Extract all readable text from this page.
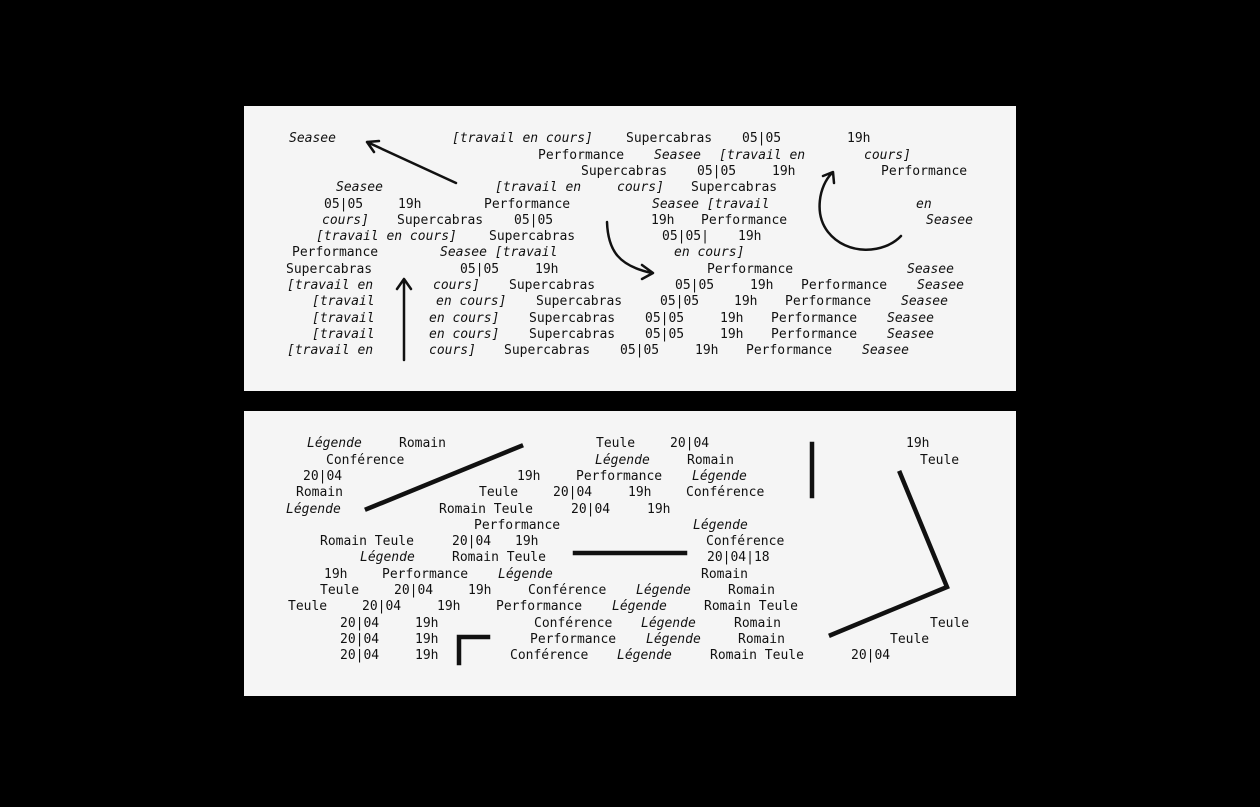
Seasee	[travail en cours]	Supercabras 05|05	19h
Performance Seasee [travail en	cours]
Supercabras 05|05	19h	Performance
Seasee	[travail en	cours] Supercabras
05|05	19h	Performance	Seasee [travail	en
cours] Supercabras 05|05	19h Performance	Seasee
[travail en cours] Supercabras	05|05| 19h
Performance	Seasee [travail	en cours]
Supercabras	05|05	19h	Performance	Seasee
[travail en	cours] Supercabras	05|05	19h Performance Seasee
[travail	en cours] Supercabras	05|05	19h Performance Seasee
[travail	en cours] Supercabras 05|05	19h Performance Seasee
[travail	en cours] Supercabras 05|05	19h Performance Seasee
[travail en	cours] Supercabras 05|05	19h Performance Seasee
Légende	Romain	Teule	20|04	19h
Conférence	Légende	Romain	Teule
20|04	19h	Performance Légende
Romain	Teule	20|04	19h	Conférence
Légende	Romain Teule	20|04	19h
Performance	Légende
Romain Teule	20|04 19h	Conférence
Légende	Romain Teule	20|04|18
19h	Performance Légende	Romain
Teule	20|04	19h	Conférence Légende	Romain
Teule	20|04	19h	Performance Légende	Romain Teule
20|04	19h	Conférence Légende	Romain	Teule
20|04	19h	Performance Légende	Romain	Teule
20|04	19h	Conférence Légende	Romain Teule	20|04
